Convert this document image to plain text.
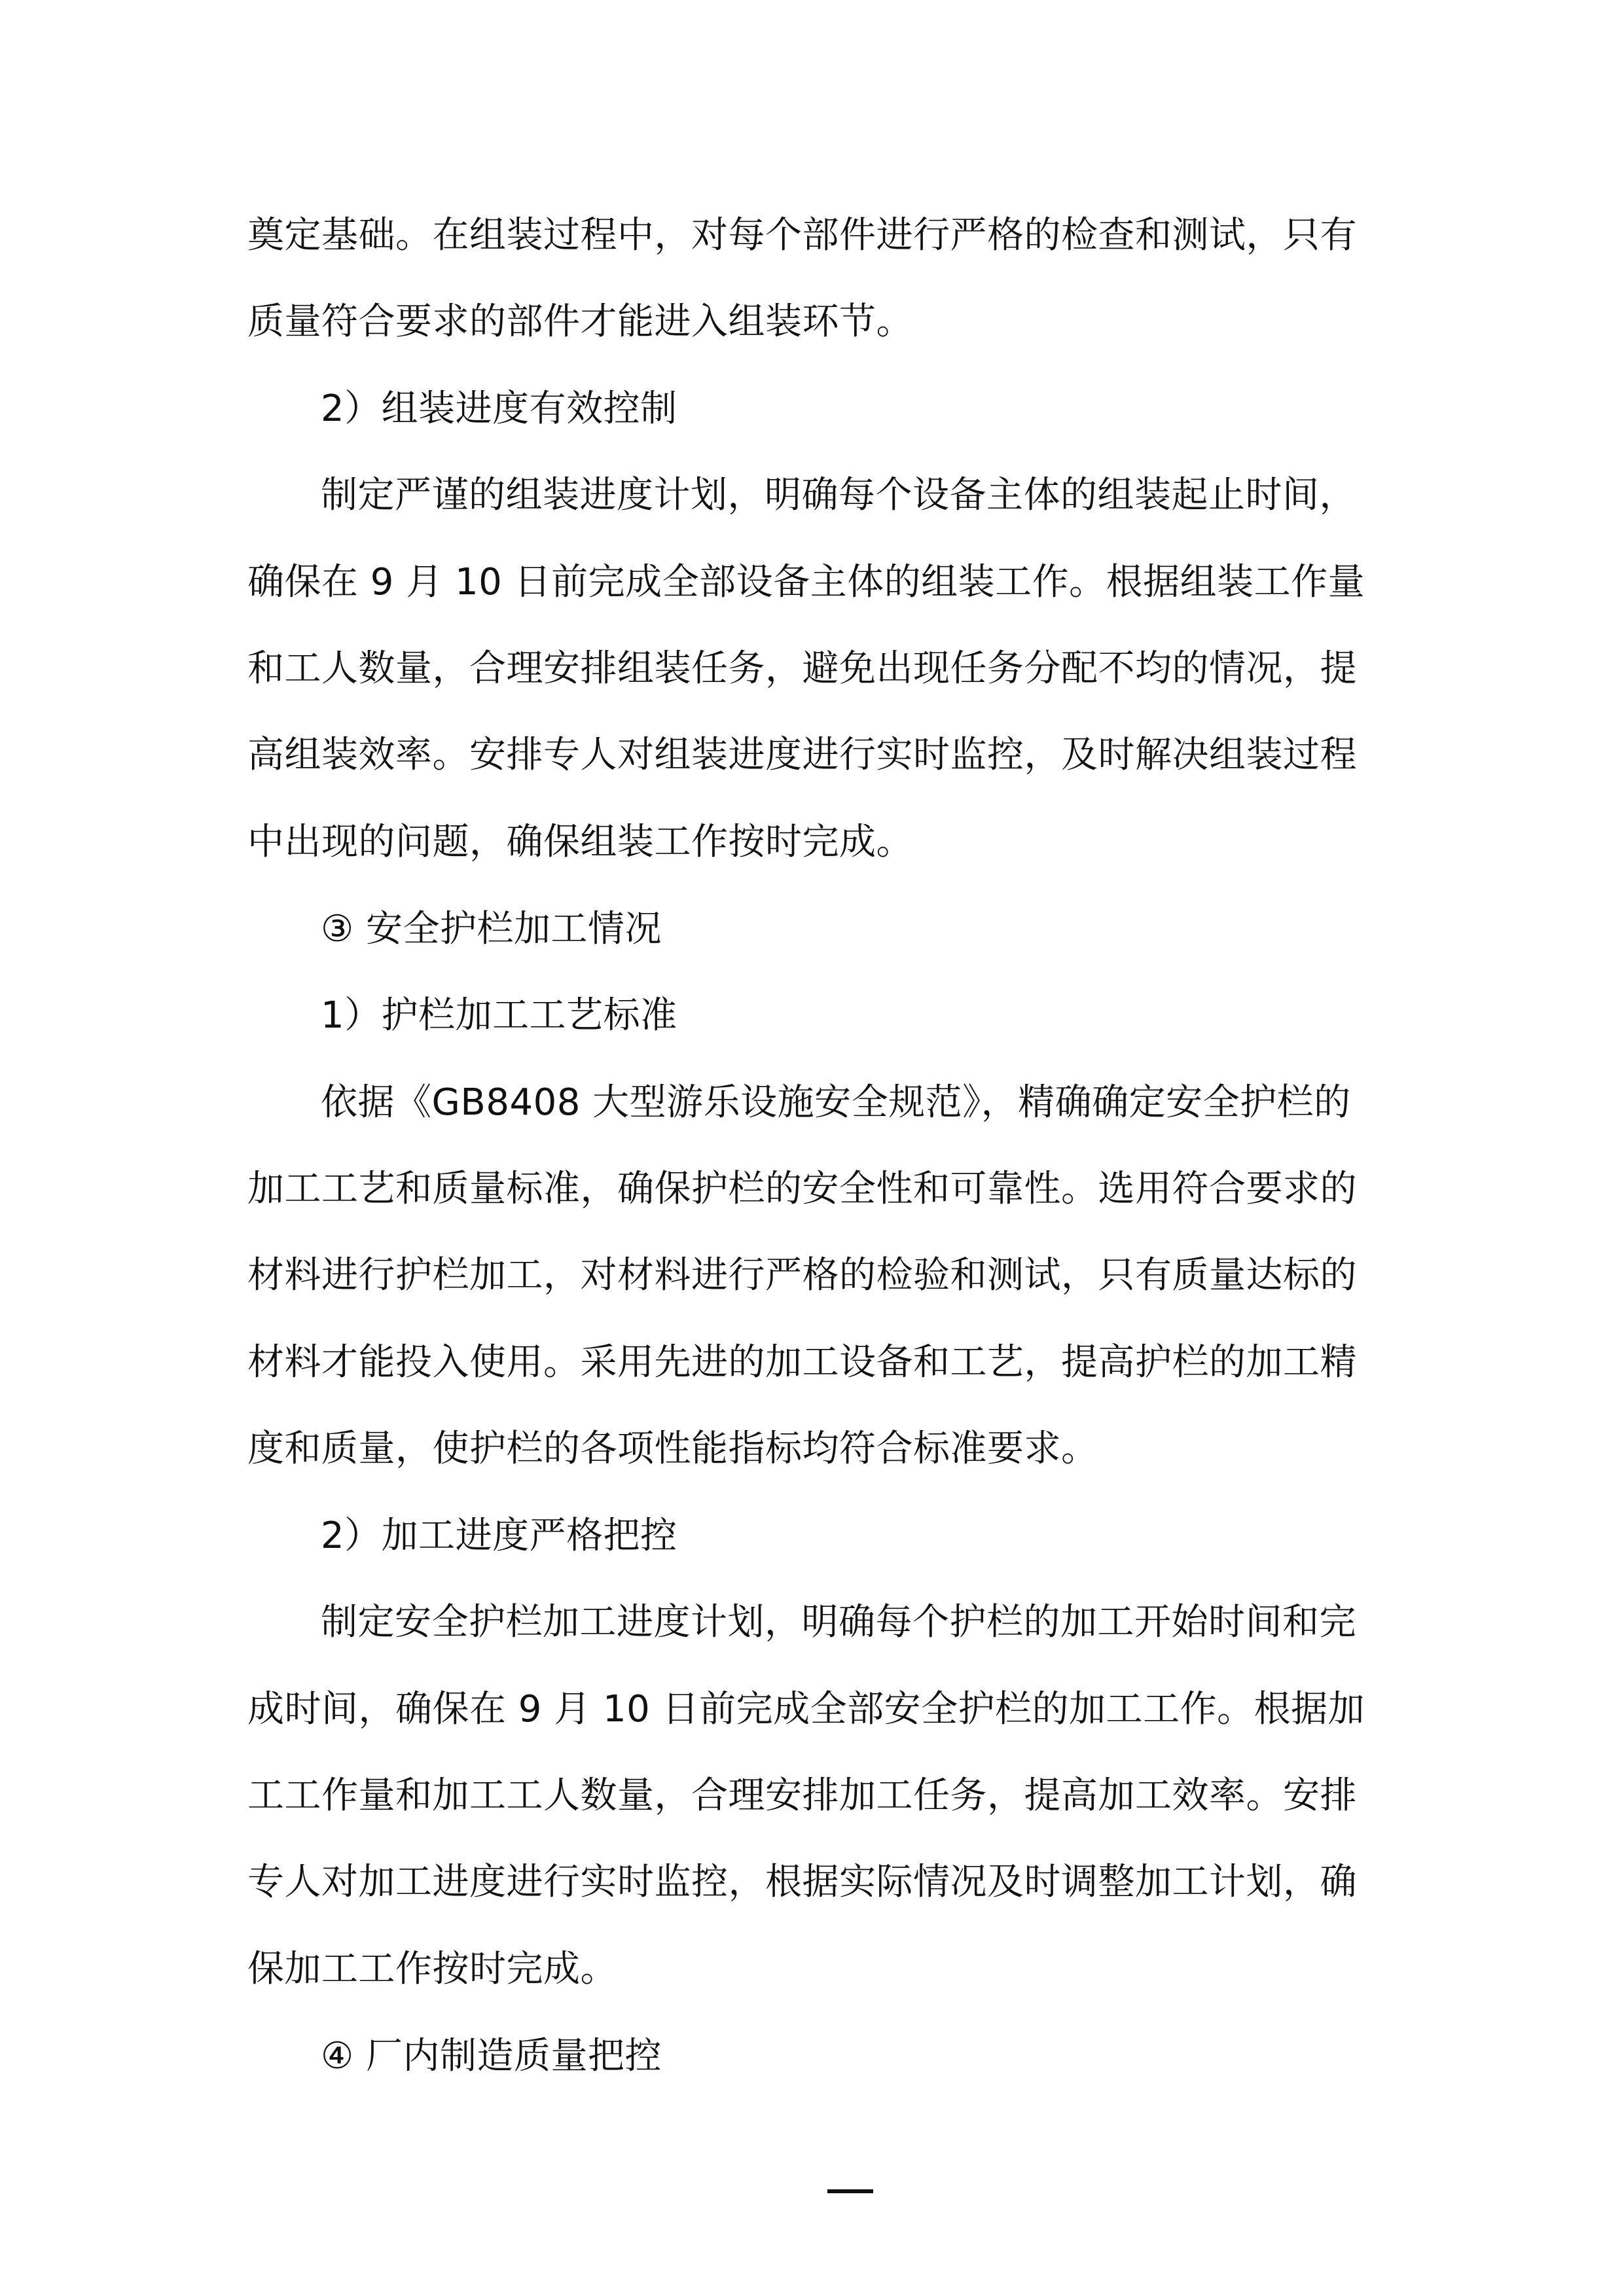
奠定基础。在组装过程中，对每个部件进行严格的检查和测试，只有
质量符合要求的部件才能进入组装环节。
2）组装进度有效控制
制定严谨的组装进度计划，明确每个设备主体的组装起止时间，
确保在 9 月 10 日前完成全部设备主体的组装工作。根据组装工作量
和工人数量，合理安排组装任务，避免出现任务分配不均的情况，提
高组装效率。安排专人对组装进度进行实时监控，及时解决组装过程
中出现的问题，确保组装工作按时完成。
③ 安全护栏加工情况
1）护栏加工工艺标准
依据《GB8408 大型游乐设施安全规范》，精确确定安全护栏的
加工工艺和质量标准，确保护栏的安全性和可靠性。选用符合要求的
材料进行护栏加工，对材料进行严格的检验和测试，只有质量达标的
材料才能投入使用。采用先进的加工设备和工艺，提高护栏的加工精
度和质量，使护栏的各项性能指标均符合标准要求。
2）加工进度严格把控
制定安全护栏加工进度计划，明确每个护栏的加工开始时间和完
成时间，确保在 9 月 10 日前完成全部安全护栏的加工工作。根据加
工工作量和加工工人数量，合理安排加工任务，提高加工效率。安排
专人对加工进度进行实时监控，根据实际情况及时调整加工计划，确
保加工工作按时完成。
④ 厂内制造质量把控
